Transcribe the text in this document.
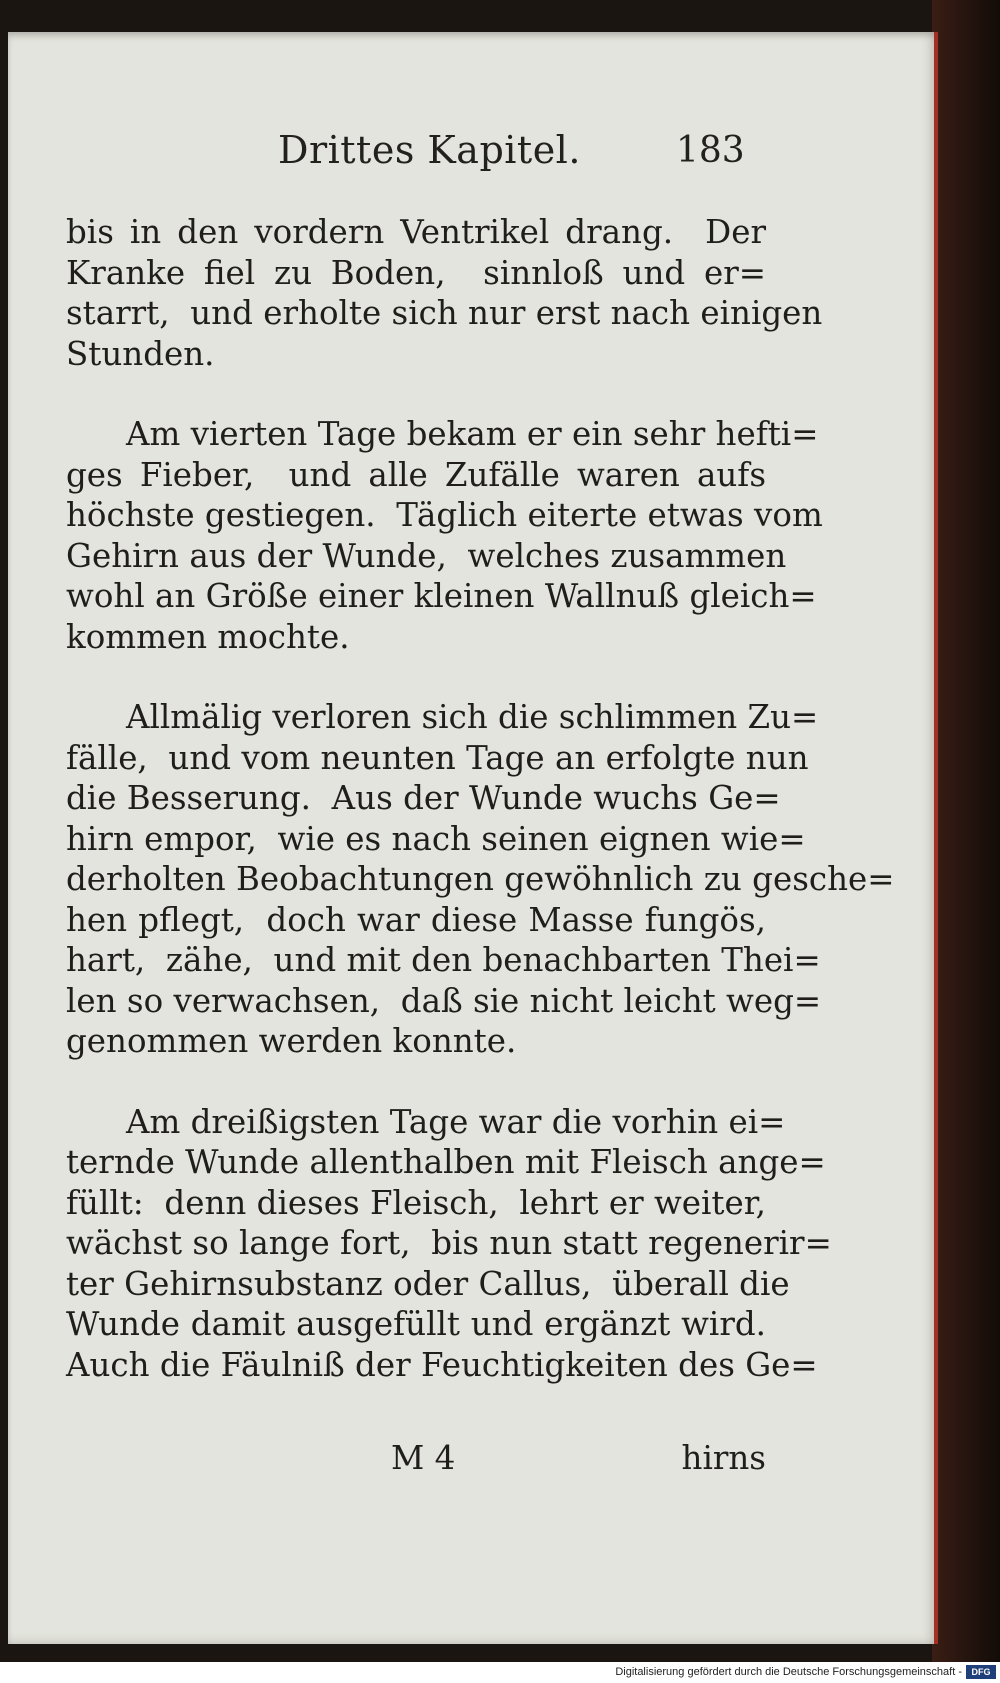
Drittes Kapitel.	183
bis in den vordern Ventrikel drang.  Der
Kranke fiel zu Boden,  sinnloß und er=
starrt,  und erholte sich nur erst nach einigen
Stunden.
Am vierten Tage bekam er ein sehr hefti=
ges Fieber,  und alle Zufälle waren aufs
höchste gestiegen.  Täglich eiterte etwas vom
Gehirn aus der Wunde,  welches zusammen
wohl an Größe einer kleinen Wallnuß gleich=
kommen mochte.
Allmälig verloren sich die schlimmen Zu=
fälle,  und vom neunten Tage an erfolgte nun
die Besserung.  Aus der Wunde wuchs Ge=
hirn empor,  wie es nach seinen eignen wie=
derholten Beobachtungen gewöhnlich zu gesche=
hen pflegt,  doch war diese Masse fungös,
hart,  zähe,  und mit den benachbarten Thei=
len so verwachsen,  daß sie nicht leicht weg=
genommen werden konnte.
Am dreißigsten Tage war die vorhin ei=
ternde Wunde allenthalben mit Fleisch ange=
füllt:  denn dieses Fleisch,  lehrt er weiter,
wächst so lange fort,  bis nun statt regenerir=
ter Gehirnsubstanz oder Callus,  überall die
Wunde damit ausgefüllt und ergänzt wird.
Auch die Fäulniß der Feuchtigkeiten des Ge=
M 4	hirns
Digitalisierung gefördert durch die Deutsche Forschungsgemeinschaft -	DFG
